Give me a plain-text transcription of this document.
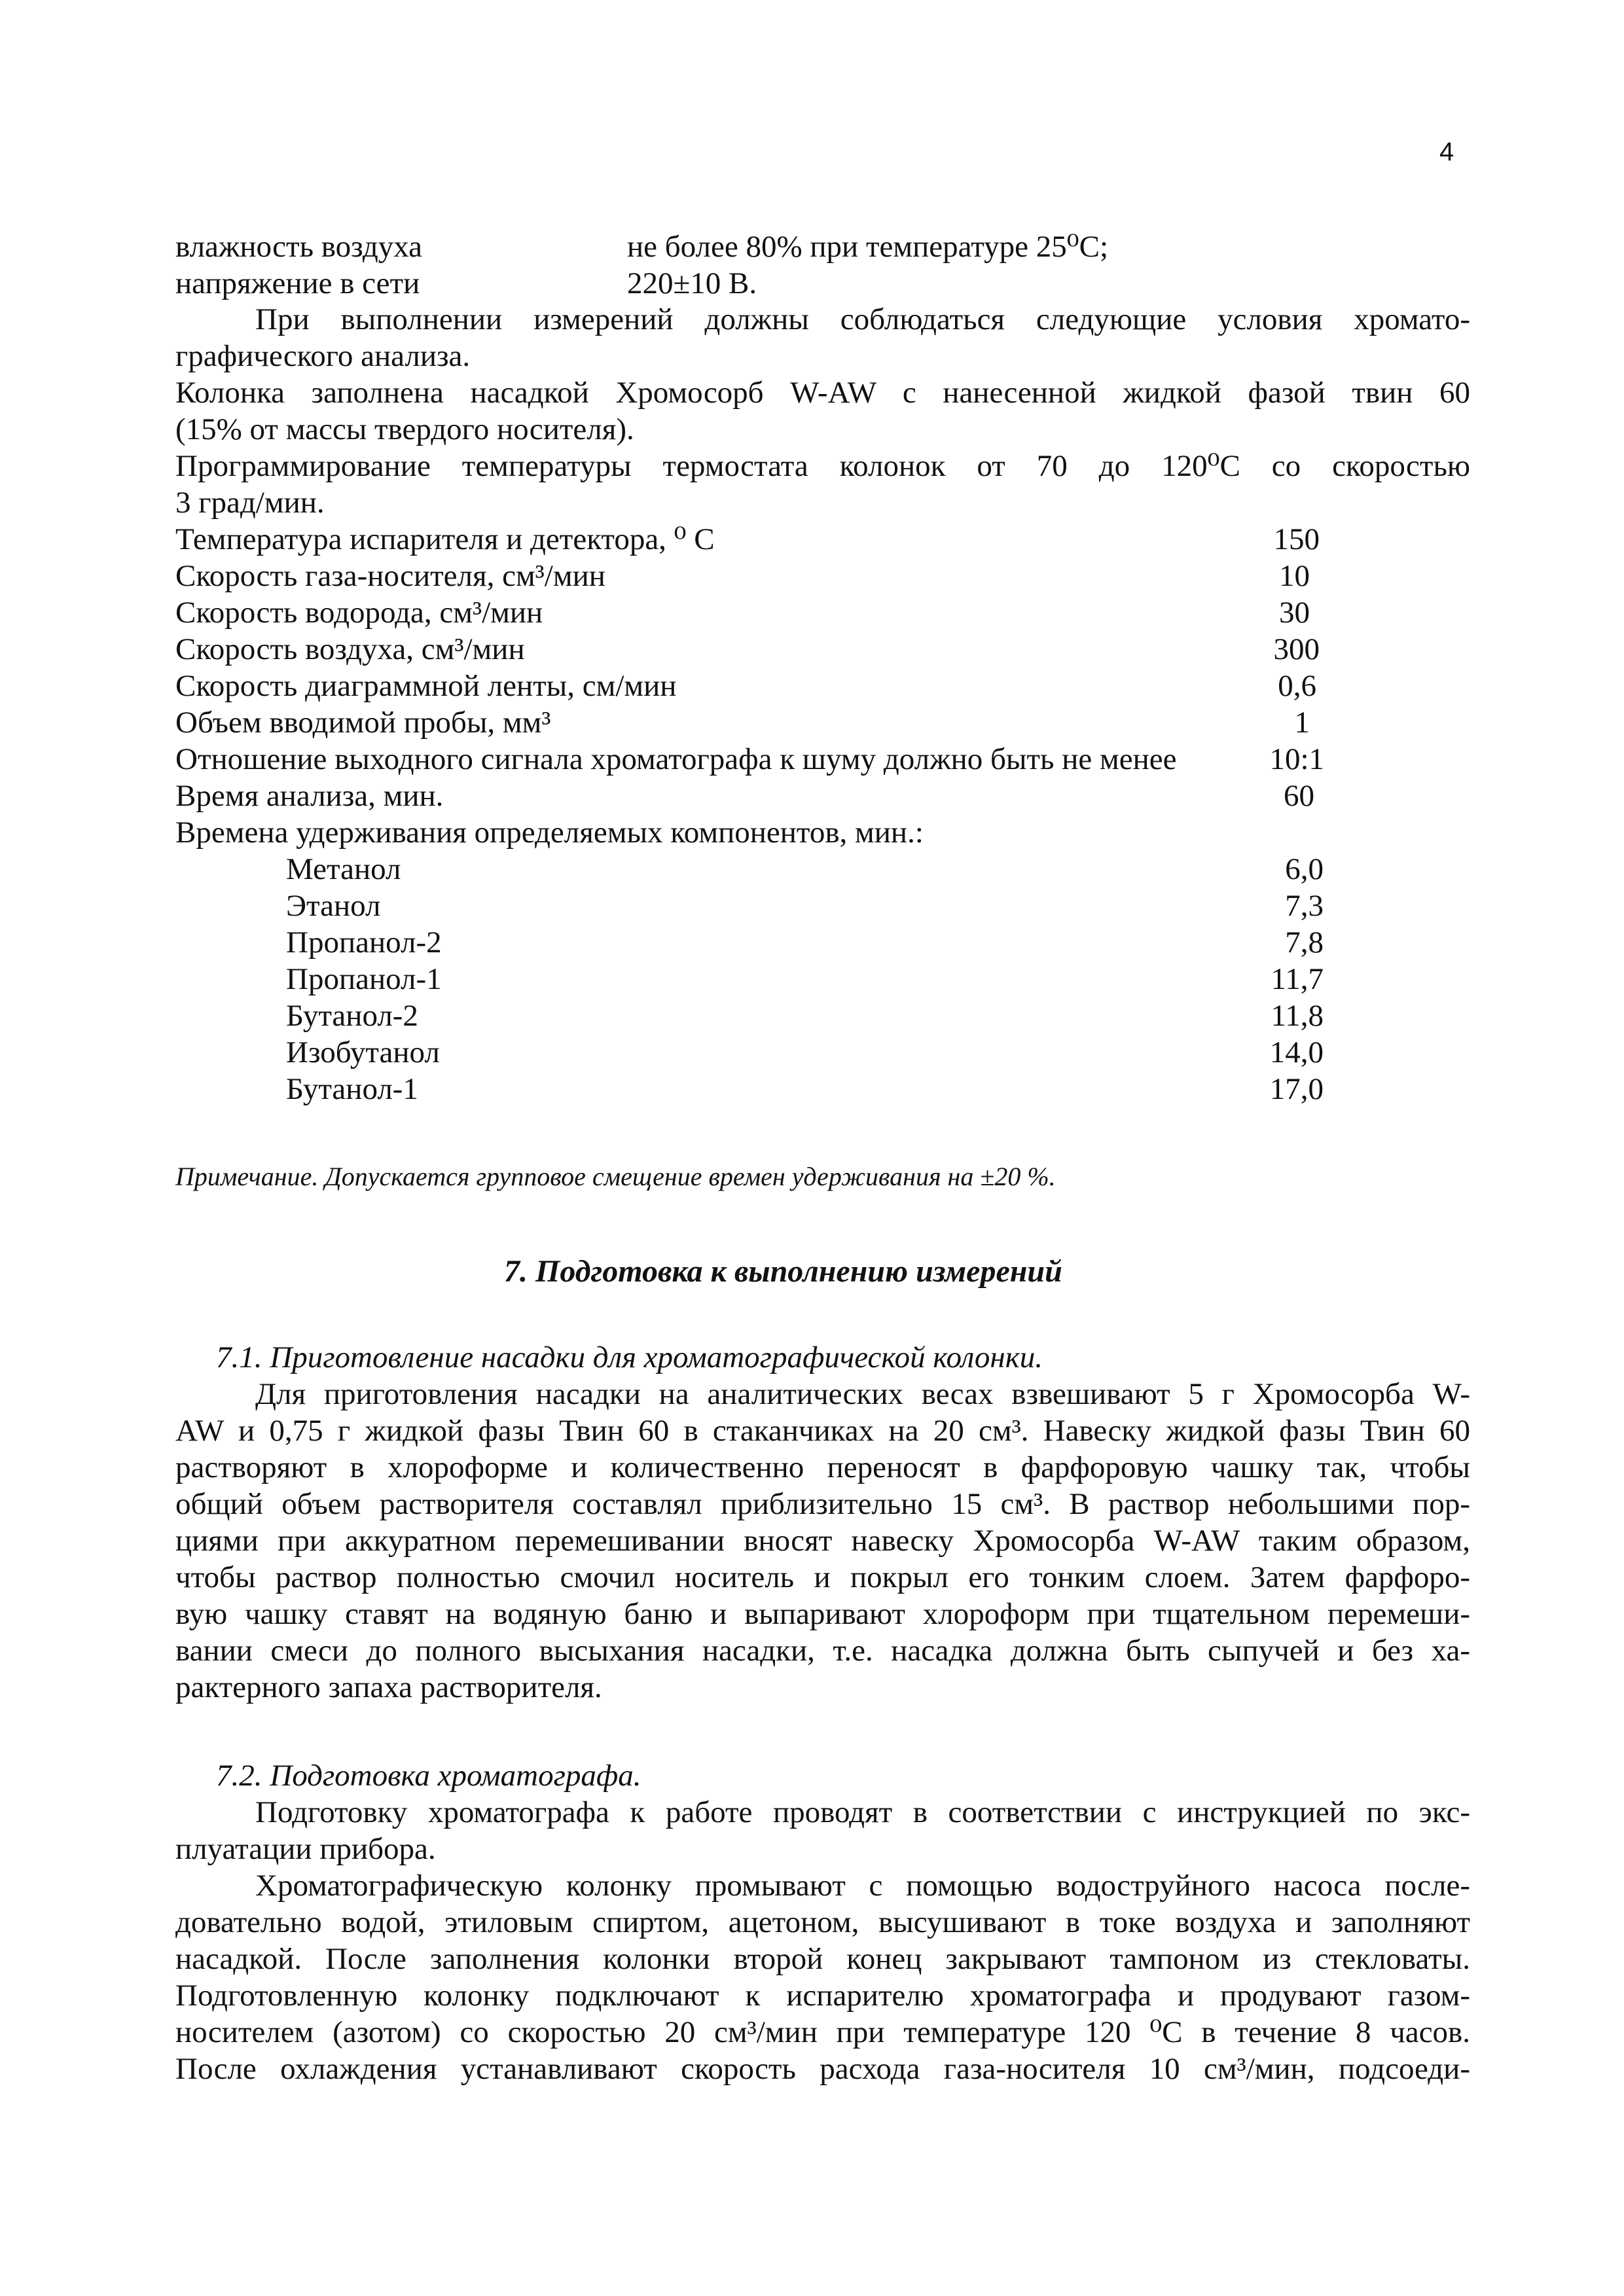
4
влажность воздуха	не более 80% при температуре 25⁰С;
напряжение в сети	220±10 В.
При выполнении измерений должны соблюдаться следующие условия хромато-
графического анализа.
Колонка заполнена насадкой Хромосорб W-AW с нанесенной жидкой фазой твин 60
(15% от массы твердого носителя).
Программирование температуры термостата колонок от 70 до 120⁰С со скоростью
3 град/мин.
Температура испарителя и детектора, ⁰ С	150
Скорость газа-носителя, см³/мин	10
Скорость водорода, см³/мин	30
Скорость воздуха, см³/мин	300
Скорость диаграммной ленты, см/мин	0,6
Объем вводимой пробы, мм³	1
Отношение выходного сигнала хроматографа к шуму должно быть не менее	10:1
Время анализа, мин.	60
Времена удерживания определяемых компонентов, мин.:
Метанол	6,0
Этанол	7,3
Пропанол-2	7,8
Пропанол-1	11,7
Бутанол-2	11,8
Изобутанол	14,0
Бутанол-1	17,0
Примечание. Допускается групповое смещение времен удерживания на ±20 %.
7. Подготовка к выполнению измерений
7.1. Приготовление насадки для хроматографической колонки.
Для приготовления насадки на аналитических весах взвешивают 5 г Хромосорба W-
AW и 0,75 г жидкой фазы Твин 60 в стаканчиках на 20 см³. Навеску жидкой фазы Твин 60
растворяют в хлороформе и количественно переносят в фарфоровую чашку так, чтобы
общий объем растворителя составлял приблизительно 15 см³. В раствор небольшими пор-
циями при аккуратном перемешивании вносят навеску Хромосорба W-AW таким образом,
чтобы раствор полностью смочил носитель и покрыл его тонким слоем. Затем фарфоро-
вую чашку ставят на водяную баню и выпаривают хлороформ при тщательном перемеши-
вании смеси до полного высыхания насадки, т.е. насадка должна быть сыпучей и без ха-
рактерного запаха растворителя.
7.2. Подготовка хроматографа.
Подготовку хроматографа к работе проводят в соответствии с инструкцией по экс-
плуатации прибора.
Хроматографическую колонку промывают с помощью водоструйного насоса после-
довательно водой, этиловым спиртом, ацетоном, высушивают в токе воздуха и заполняют
насадкой. После заполнения колонки второй конец закрывают тампоном из стекловаты.
Подготовленную колонку подключают к испарителю хроматографа и продувают газом-
носителем (азотом) со скоростью 20 см³/мин при температуре 120 ⁰С в течение 8 часов.
После охлаждения устанавливают скорость расхода газа-носителя 10 см³/мин, подсоеди-
